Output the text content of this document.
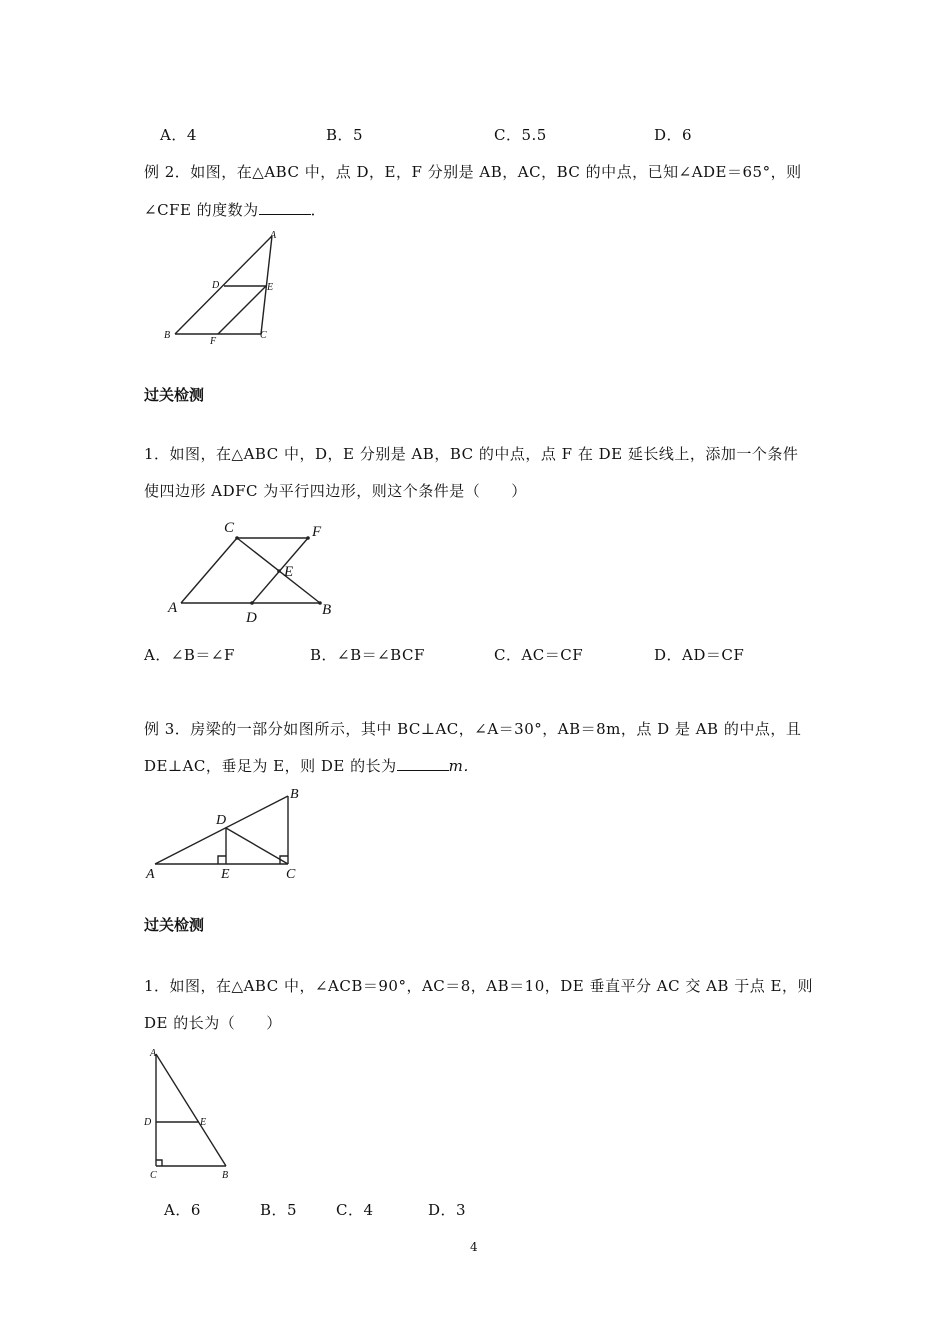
A．4	B．5	C．5.5	D．6
例 2．如图，在△ABC 中，点 D，E，F 分别是 AB，AC，BC 的中点，已知∠ADE＝65°，则
∠CFE 的度数为	．
A
D	E
B
F
C
过关检测
1．如图，在△ABC 中，D，E 分别是 AB，BC 的中点，点 F 在 DE 延长线上，添加一个条件
使四边形 ADFC 为平行四边形，则这个条件是（　　）
C	F
E
A
D	B
A．∠B＝∠F	B．∠B＝∠BCF	C．AC＝CF	D．AD＝CF
例 3．房梁的一部分如图所示，其中 BC⊥AC，∠A＝30°，AB＝8m，点 D 是 AB 的中点，且
DE⊥AC，垂足为 E，则 DE 的长为	m．
B
D
A	E	C
过关检测
1．如图，在△ABC 中，∠ACB＝90°，AC＝8，AB＝10，DE 垂直平分 AC 交 AB 于点 E，则
DE 的长为（　　）
A
D	E
C	B
A．6	B．5	C．4	D．3
4
